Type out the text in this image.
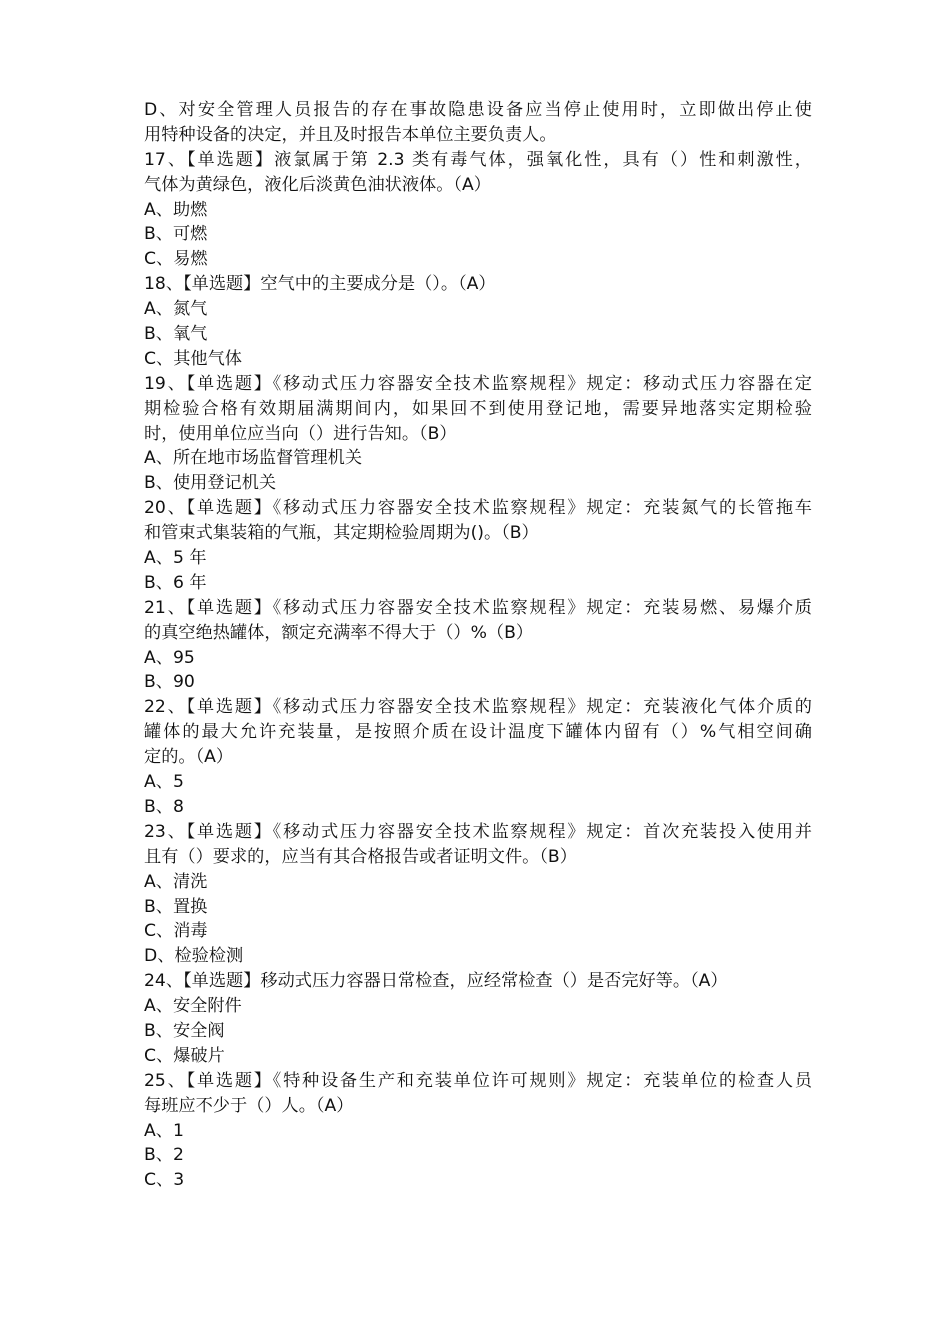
D、对安全管理人员报告的存在事故隐患设备应当停止使用时，立即做出停止使
用特种设备的决定，并且及时报告本单位主要负责人。
17、【单选题】液氯属于第 2.3 类有毒气体，强氧化性，具有（）性和刺激性，
气体为黄绿色，液化后淡黄色油状液体。（A）
A、助燃
B、可燃
C、易燃
18、【单选题】空气中的主要成分是（）。（A）
A、氮气
B、氧气
C、其他气体
19、【单选题】《移动式压力容器安全技术监察规程》规定：移动式压力容器在定
期检验合格有效期届满期间内，如果回不到使用登记地，需要异地落实定期检验
时，使用单位应当向（）进行告知。（B）
A、所在地市场监督管理机关
B、使用登记机关
20、【单选题】《移动式压力容器安全技术监察规程》规定：充装氮气的长管拖车
和管束式集装箱的气瓶，其定期检验周期为()。（B）
A、5 年
B、6 年
21、【单选题】《移动式压力容器安全技术监察规程》规定：充装易燃、易爆介质
的真空绝热罐体，额定充满率不得大于（）%（B）
A、95
B、90
22、【单选题】《移动式压力容器安全技术监察规程》规定：充装液化气体介质的
罐体的最大允许充装量，是按照介质在设计温度下罐体内留有（）%气相空间确
定的。（A）
A、5
B、8
23、【单选题】《移动式压力容器安全技术监察规程》规定：首次充装投入使用并
且有（）要求的，应当有其合格报告或者证明文件。（B）
A、清洗
B、置换
C、消毒
D、检验检测
24、【单选题】移动式压力容器日常检查，应经常检查（）是否完好等。（A）
A、安全附件
B、安全阀
C、爆破片
25、【单选题】《特种设备生产和充装单位许可规则》规定：充装单位的检查人员
每班应不少于（）人。（A）
A、1
B、2
C、3
